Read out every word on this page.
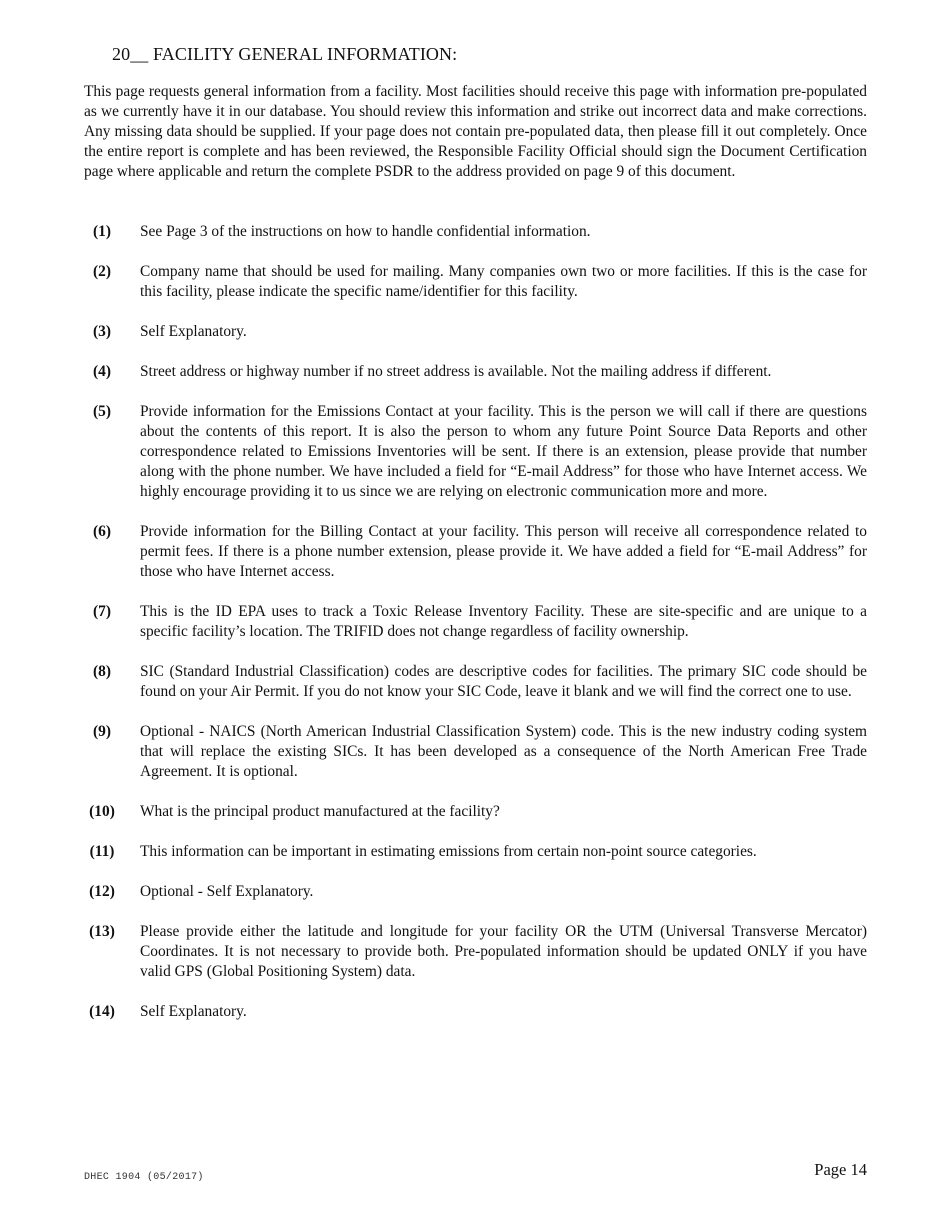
20__ FACILITY GENERAL INFORMATION:

This page requests general information from a facility. Most facilities should receive this page with information pre-populated as we currently have it in our database. You should review this information and strike out incorrect data and make corrections. Any missing data should be supplied. If your page does not contain pre-populated data, then please fill it out completely. Once the entire report is complete and has been reviewed, the Responsible Facility Official should sign the Document Certification page where applicable and return the complete PSDR to the address provided on page 9 of this document.

(1)	See Page 3 of the instructions on how to handle confidential information.
(2)	Company name that should be used for mailing. Many companies own two or more facilities. If this is the case for this facility, please indicate the specific name/identifier for this facility.
(3)	Self Explanatory.
(4)	Street address or highway number if no street address is available. Not the mailing address if different.
(5)	Provide information for the Emissions Contact at your facility. This is the person we will call if there are questions about the contents of this report. It is also the person to whom any future Point Source Data Reports and other correspondence related to Emissions Inventories will be sent. If there is an extension, please provide that number along with the phone number. We have included a field for “E-mail Address” for those who have Internet access. We highly encourage providing it to us since we are relying on electronic communication more and more.
(6)	Provide information for the Billing Contact at your facility. This person will receive all correspondence related to permit fees. If there is a phone number extension, please provide it. We have added a field for “E-mail Address” for those who have Internet access.
(7)	This is the ID EPA uses to track a Toxic Release Inventory Facility. These are site-specific and are unique to a specific facility’s location. The TRIFID does not change regardless of facility ownership.
(8)	SIC (Standard Industrial Classification) codes are descriptive codes for facilities. The primary SIC code should be found on your Air Permit. If you do not know your SIC Code, leave it blank and we will find the correct one to use.
(9)	Optional - NAICS (North American Industrial Classification System) code. This is the new industry coding system that will replace the existing SICs. It has been developed as a consequence of the North American Free Trade Agreement. It is optional.
(10)	What is the principal product manufactured at the facility?
(11)	This information can be important in estimating emissions from certain non-point source categories.
(12)	Optional - Self Explanatory.
(13)	Please provide either the latitude and longitude for your facility OR the UTM (Universal Transverse Mercator) Coordinates. It is not necessary to provide both. Pre-populated information should be updated ONLY if you have valid GPS (Global Positioning System) data.
(14)	Self Explanatory.
DHEC 1904 (05/2017)	Page 14
